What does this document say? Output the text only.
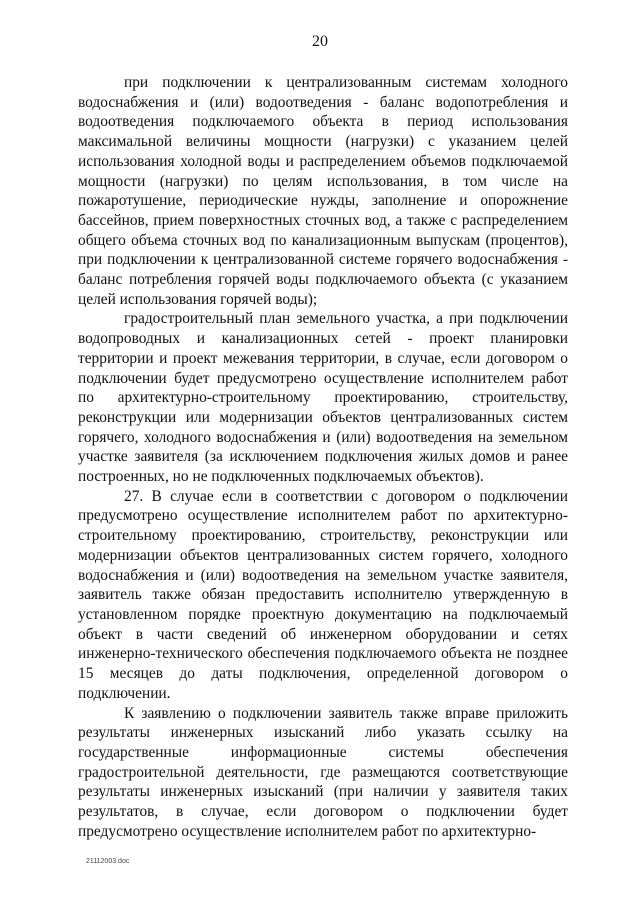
20

при подключении к централизованным системам холодного водоснабжения и (или) водоотведения - баланс водопотребления и водоотведения подключаемого объекта в период использования максимальной величины мощности (нагрузки) с указанием целей использования холодной воды и распределением объемов подключаемой мощности (нагрузки) по целям использования, в том числе на пожаротушение, периодические нужды, заполнение и опорожнение бассейнов, прием поверхностных сточных вод, а также с распределением общего объема сточных вод по канализационным выпускам (процентов), при подключении к централизованной системе горячего водоснабжения - баланс потребления горячей воды подключаемого объекта (с указанием целей использования горячей воды);

градостроительный план земельного участка, а при подключении водопроводных и канализационных сетей - проект планировки территории и проект межевания территории, в случае, если договором о подключении будет предусмотрено осуществление исполнителем работ по архитектурно-строительному проектированию, строительству, реконструкции или модернизации объектов централизованных систем горячего, холодного водоснабжения и (или) водоотведения на земельном участке заявителя (за исключением подключения жилых домов и ранее построенных, но не подключенных подключаемых объектов).

27. В случае если в соответствии с договором о подключении предусмотрено осуществление исполнителем работ по архитектурно-строительному проектированию, строительству, реконструкции или модернизации объектов централизованных систем горячего, холодного водоснабжения и (или) водоотведения на земельном участке заявителя, заявитель также обязан предоставить исполнителю утвержденную в установленном порядке проектную документацию на подключаемый объект в части сведений об инженерном оборудовании и сетях инженерно-технического обеспечения подключаемого объекта не позднее 15 месяцев до даты подключения, определенной договором о подключении.

К заявлению о подключении заявитель также вправе приложить результаты инженерных изысканий либо указать ссылку на государственные информационные системы обеспечения градостроительной деятельности, где размещаются соответствующие результаты инженерных изысканий (при наличии у заявителя таких результатов, в случае, если договором о подключении будет предусмотрено осуществление исполнителем работ по архитектурно-

21112003.doc
